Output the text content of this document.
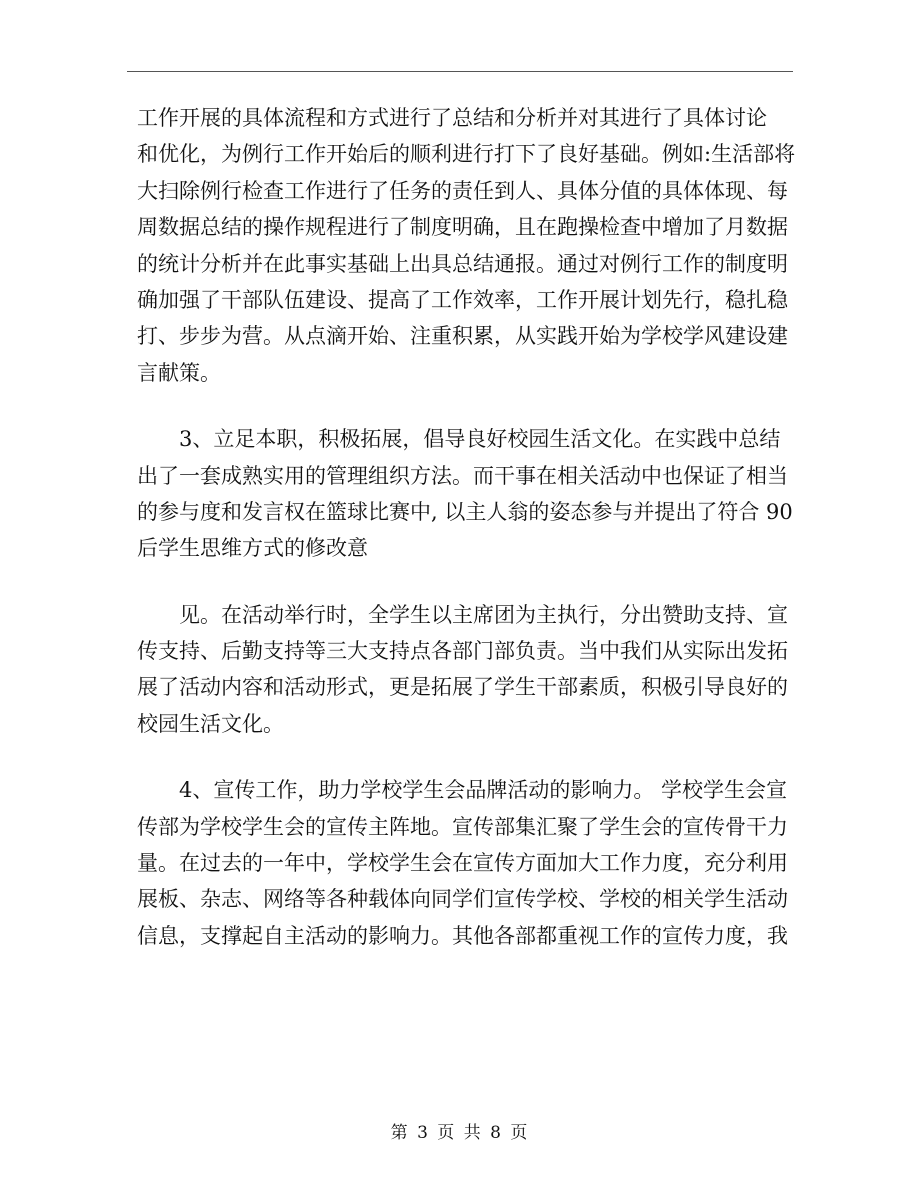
工作开展的具体流程和方式进行了总结和分析并对其进行了具体讨论
和优化，为例行工作开始后的顺利进行打下了良好基础。例如:生活部将
大扫除例行检查工作进行了任务的责任到人、具体分值的具体体现、每
周数据总结的操作规程进行了制度明确，且在跑操检查中增加了月数据
的统计分析并在此事实基础上出具总结通报。通过对例行工作的制度明
确加强了干部队伍建设、提高了工作效率，工作开展计划先行，稳扎稳
打、步步为营。从点滴开始、注重积累，从实践开始为学校学风建设建
言献策。
3、立足本职，积极拓展，倡导良好校园生活文化。在实践中总结
出了一套成熟实用的管理组织方法。而干事在相关活动中也保证了相当
的参与度和发言权在篮球比赛中, 以主人翁的姿态参与并提出了符合 90
后学生思维方式的修改意
见。在活动举行时，全学生以主席团为主执行，分出赞助支持、宣
传支持、后勤支持等三大支持点各部门部负责。当中我们从实际出发拓
展了活动内容和活动形式，更是拓展了学生干部素质，积极引导良好的
校园生活文化。
4、宣传工作，助力学校学生会品牌活动的影响力。 学校学生会宣
传部为学校学生会的宣传主阵地。宣传部集汇聚了学生会的宣传骨干力
量。在过去的一年中，学校学生会在宣传方面加大工作力度，充分利用
展板、杂志、网络等各种载体向同学们宣传学校、学校的相关学生活动
信息，支撑起自主活动的影响力。其他各部都重视工作的宣传力度，我
第 3 页 共 8 页
